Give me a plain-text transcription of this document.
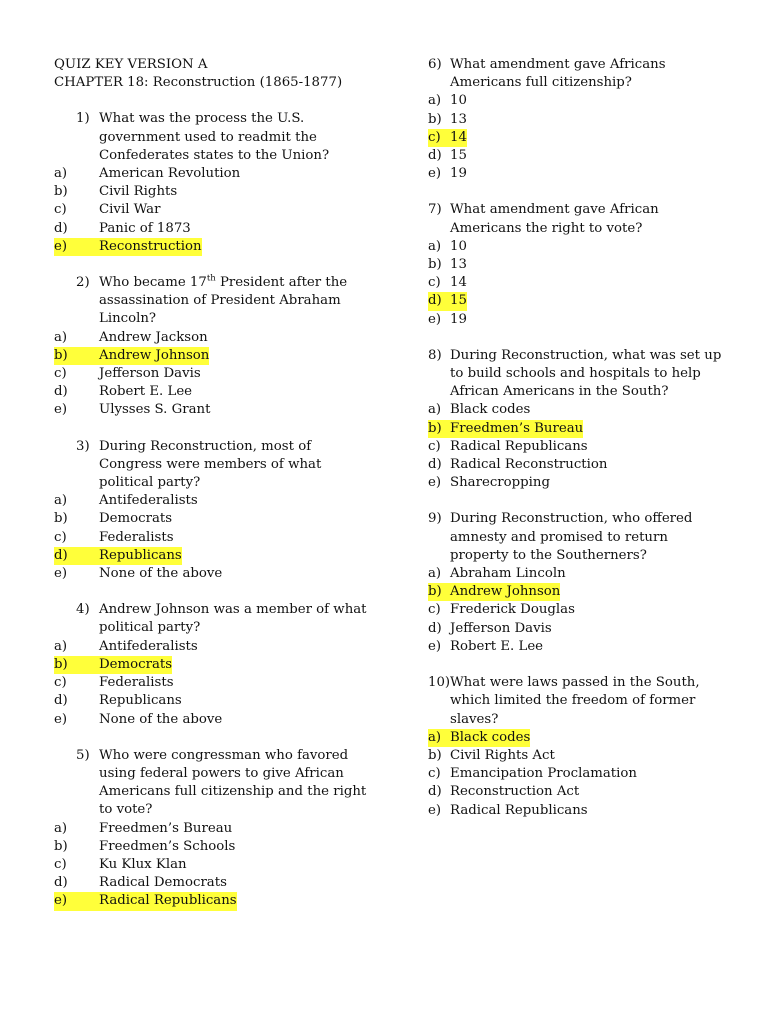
QUIZ KEY VERSION A
CHAPTER 18: Reconstruction (1865-1877)
1) What was the process the U.S.
government used to readmit the
Confederates states to the Union?
a)	American Revolution
b)	Civil Rights
c)	Civil War
d)	Panic of 1873
e)	Reconstruction
2) Who became 17th President after the
assassination of President Abraham
Lincoln?
a)	Andrew Jackson
b)	Andrew Johnson
c)	Jefferson Davis
d)	Robert E. Lee
e)	Ulysses S. Grant
3) During Reconstruction, most of
Congress were members of what
political party?
a)	Antifederalists
b)	Democrats
c)	Federalists
d)	Republicans
e)	None of the above
4) Andrew Johnson was a member of what
political party?
a)	Antifederalists
b)	Democrats
c)	Federalists
d)	Republicans
e)	None of the above
5) Who were congressman who favored
using federal powers to give African
Americans full citizenship and the right
to vote?
a)	Freedmen’s Bureau
b)	Freedmen’s Schools
c)	Ku Klux Klan
d)	Radical Democrats
e)	Radical Republicans
6) What amendment gave Africans
Americans full citizenship?
a) 10
b) 13
c) 14
d) 15
e) 19
7) What amendment gave African
Americans the right to vote?
a) 10
b) 13
c) 14
d) 15
e) 19
8) During Reconstruction, what was set up
to build schools and hospitals to help
African Americans in the South?
a) Black codes
b) Freedmen’s Bureau
c) Radical Republicans
d) Radical Reconstruction
e) Sharecropping
9) During Reconstruction, who offered
amnesty and promised to return
property to the Southerners?
a) Abraham Lincoln
b) Andrew Johnson
c) Frederick Douglas
d) Jefferson Davis
e) Robert E. Lee
10) What were laws passed in the South,
which limited the freedom of former
slaves?
a) Black codes
b) Civil Rights Act
c) Emancipation Proclamation
d) Reconstruction Act
e) Radical Republicans
